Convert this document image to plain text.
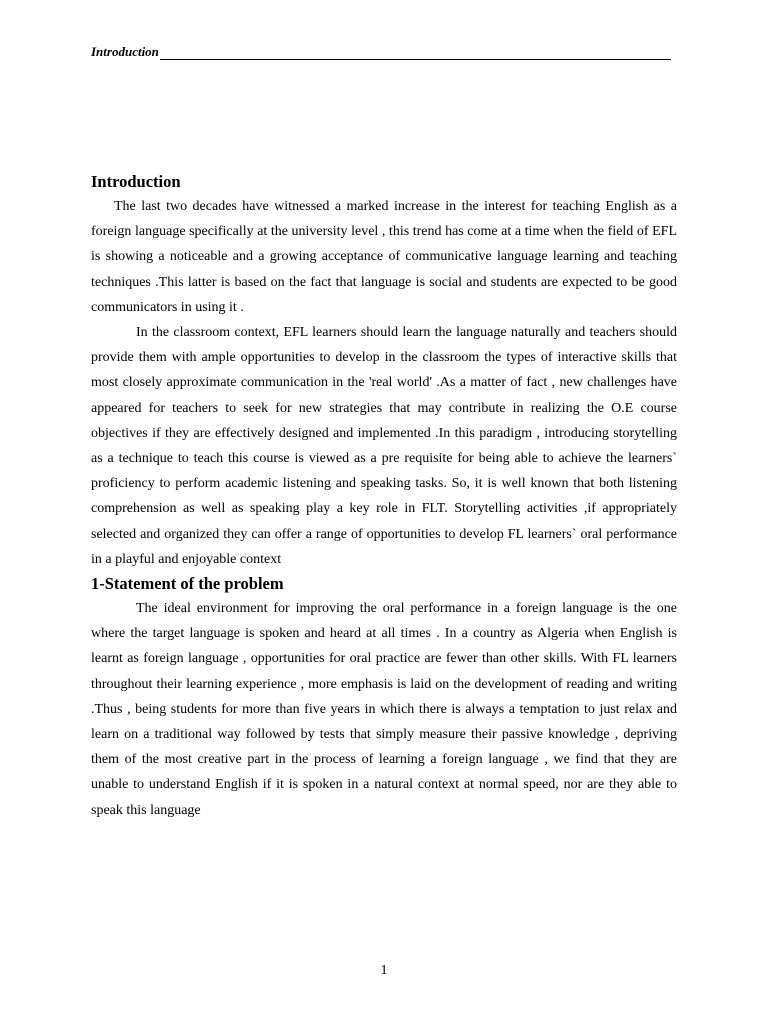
Introduction
Introduction

The last two decades have witnessed a marked increase in the interest for teaching English as a foreign language specifically at the university level , this trend has come at a time when the field of EFL is showing a noticeable and a growing acceptance of communicative language learning and teaching techniques .This latter is based on the fact that language is social and students are expected to be good communicators in using it .

In the classroom context, EFL learners should learn the language naturally and teachers should provide them with ample opportunities to develop in the classroom the types of interactive skills that most closely approximate communication in the 'real world' .As a matter of fact , new challenges have appeared for teachers to seek for new strategies that may contribute in realizing the O.E course objectives if they are effectively designed and implemented .In this paradigm , introducing storytelling as a technique to teach this course is viewed as a pre requisite for being able to achieve the learners` proficiency to perform academic listening and speaking tasks. So, it is well known that both listening comprehension as well as speaking play a key role in FLT. Storytelling activities ,if appropriately selected and organized they can offer a range of opportunities to develop FL learners` oral performance in a playful and enjoyable context

1-Statement of the problem

The ideal environment for improving the oral performance in a foreign language is the one where the target language is spoken and heard at all times . In a country as Algeria when English is learnt as foreign language , opportunities for oral practice are fewer than other skills. With FL learners throughout their learning experience , more emphasis is laid on the development of reading and writing .Thus , being students for more than five years in which there is always a temptation to just relax and learn on a traditional way followed by tests that simply measure their passive knowledge , depriving them of the most creative part in the process of learning a foreign language , we find that they are unable to understand English if it is spoken in a natural context at normal speed, nor are they able to speak this language

1
